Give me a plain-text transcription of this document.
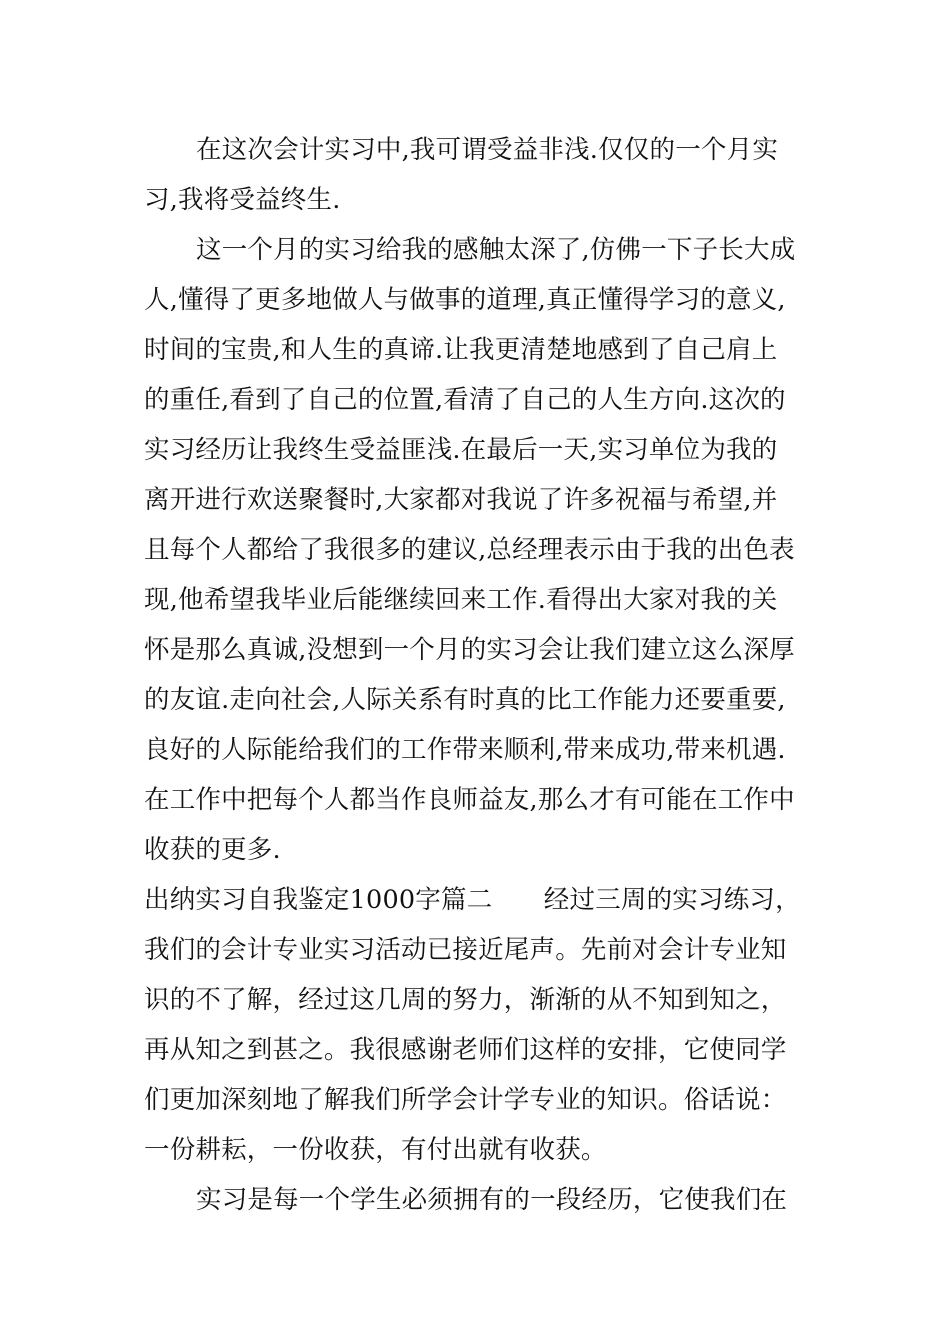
在这次会计实习中,我可谓受益非浅.仅仅的一个月实

习,我将受益终生.

这一个月的实习给我的感触太深了,仿佛一下子长大成

人,懂得了更多地做人与做事的道理,真正懂得学习的意义,

时间的宝贵,和人生的真谛.让我更清楚地感到了自己肩上

的重任,看到了自己的位置,看清了自己的人生方向.这次的

实习经历让我终生受益匪浅.在最后一天,实习单位为我的

离开进行欢送聚餐时,大家都对我说了许多祝福与希望,并

且每个人都给了我很多的建议,总经理表示由于我的出色表

现,他希望我毕业后能继续回来工作.看得出大家对我的关

怀是那么真诚,没想到一个月的实习会让我们建立这么深厚

的友谊.走向社会,人际关系有时真的比工作能力还要重要,

良好的人际能给我们的工作带来顺利,带来成功,带来机遇.

在工作中把每个人都当作良师益友,那么才有可能在工作中

收获的更多.

出纳实习自我鉴定1000字篇二　　经过三周的实习练习，

我们的会计专业实习活动已接近尾声。先前对会计专业知

识的不了解，经过这几周的努力，渐渐的从不知到知之，

再从知之到甚之。我很感谢老师们这样的安排，它使同学

们更加深刻地了解我们所学会计学专业的知识。俗话说：

一份耕耘，一份收获，有付出就有收获。

实习是每一个学生必须拥有的一段经历，它使我们在
